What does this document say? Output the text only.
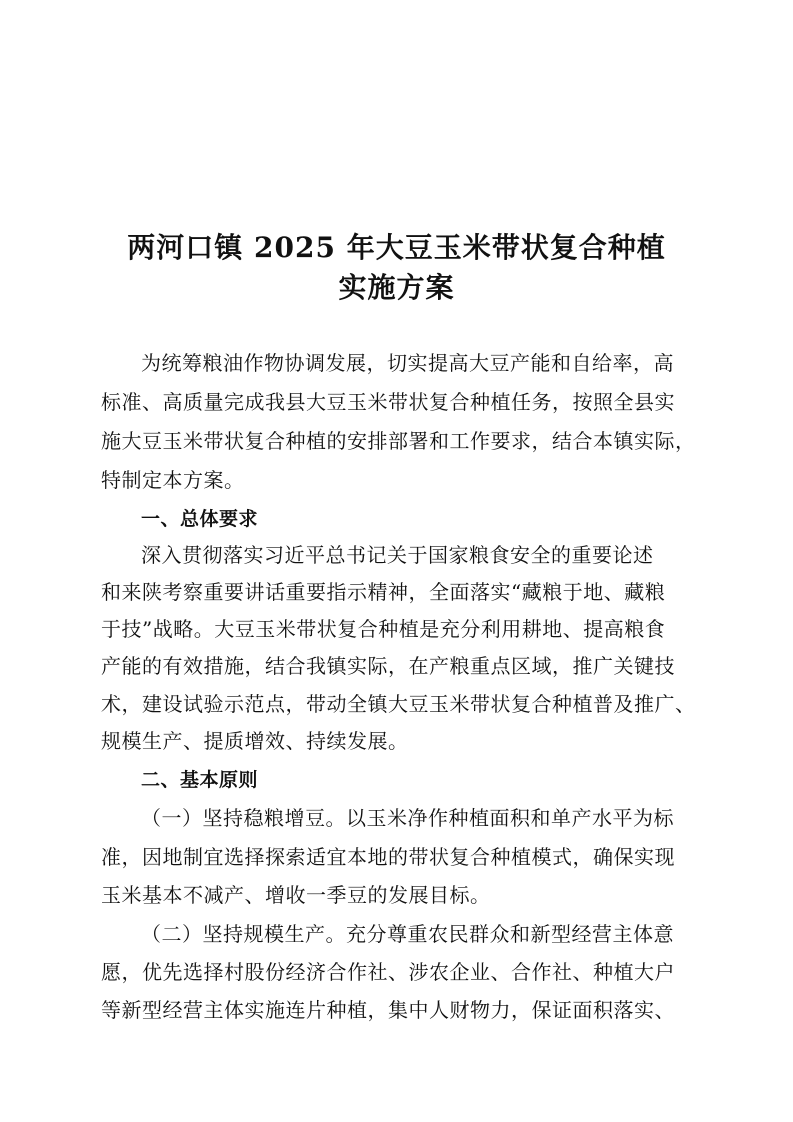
两河口镇 2025 年大豆玉米带状复合种植
实施方案
为统筹粮油作物协调发展，切实提高大豆产能和自给率，高
标准、高质量完成我县大豆玉米带状复合种植任务，按照全县实
施大豆玉米带状复合种植的安排部署和工作要求，结合本镇实际，
特制定本方案。
一、总体要求
深入贯彻落实习近平总书记关于国家粮食安全的重要论述
和来陕考察重要讲话重要指示精神，全面落实“藏粮于地、藏粮
于技”战略。大豆玉米带状复合种植是充分利用耕地、提高粮食
产能的有效措施，结合我镇实际，在产粮重点区域，推广关键技
术，建设试验示范点，带动全镇大豆玉米带状复合种植普及推广、
规模生产、提质增效、持续发展。
二、基本原则
（一）坚持稳粮增豆。以玉米净作种植面积和单产水平为标
准，因地制宜选择探索适宜本地的带状复合种植模式，确保实现
玉米基本不减产、增收一季豆的发展目标。
（二）坚持规模生产。充分尊重农民群众和新型经营主体意
愿，优先选择村股份经济合作社、涉农企业、合作社、种植大户
等新型经营主体实施连片种植，集中人财物力，保证面积落实、
